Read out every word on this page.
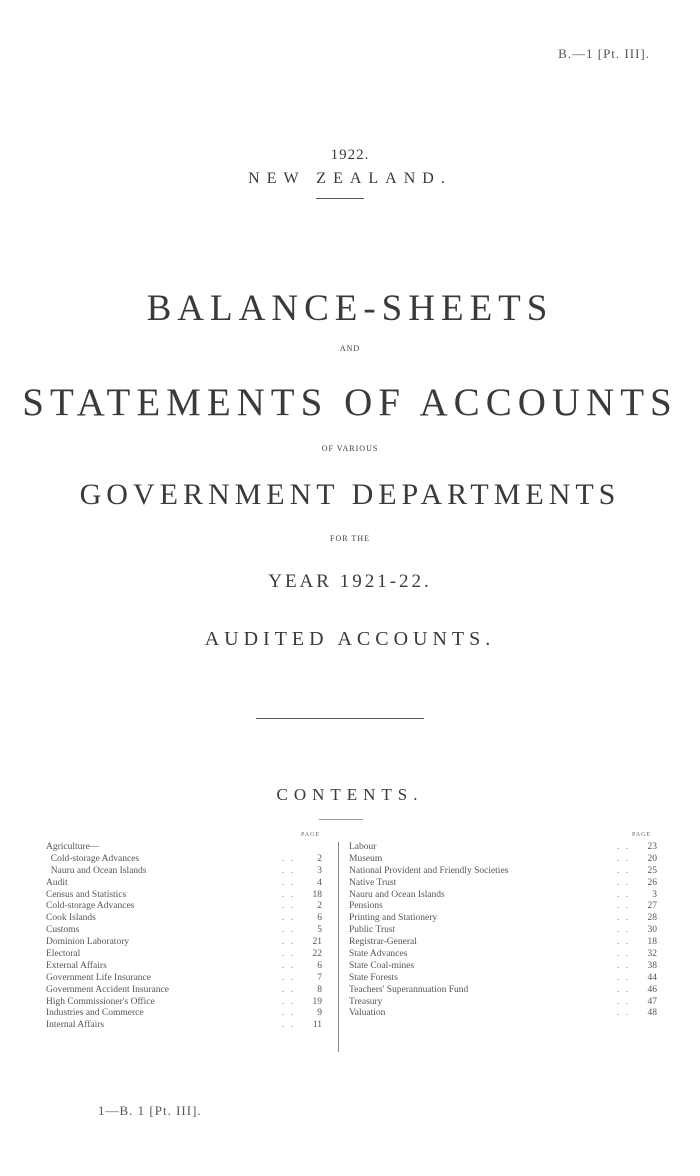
B.—1 [Pt. III].
1922.
NEW ZEALAND.
BALANCE-SHEETS
AND
STATEMENTS OF ACCOUNTS
OF VARIOUS
GOVERNMENT DEPARTMENTS
FOR THE
YEAR 1921-22.
AUDITED ACCOUNTS.
CONTENTS.
PAGE	PAGE
Agriculture—
Cold-storage Advances	. .	2
Nauru and Ocean Islands	. .	3
Audit	. .	4
Census and Statistics	. .	18
Cold-storage Advances	. .	2
Cook Islands	. .	6
Customs	. .	5
Dominion Laboratory	. .	21
Electoral	. .	22
External Affairs	. .	6
Government Life Insurance	. .	7
Government Accident Insurance	. .	8
High Commissioner's Office	. .	19
Industries and Commerce	. .	9
Internal Affairs	. .	11
Labour	. .	23
Museum	. .	20
National Provident and Friendly Societies	. .	25
Native Trust	. .	26
Nauru and Ocean Islands	. .	3
Pensions	. .	27
Printing and Stationery	. .	28
Public Trust	. .	30
Registrar-General	. .	18
State Advances	. .	32
State Coal-mines	. .	38
State Forests	. .	44
Teachers' Superannuation Fund	. .	46
Treasury	. .	47
Valuation	. .	48
1—B. 1 [Pt. III].
